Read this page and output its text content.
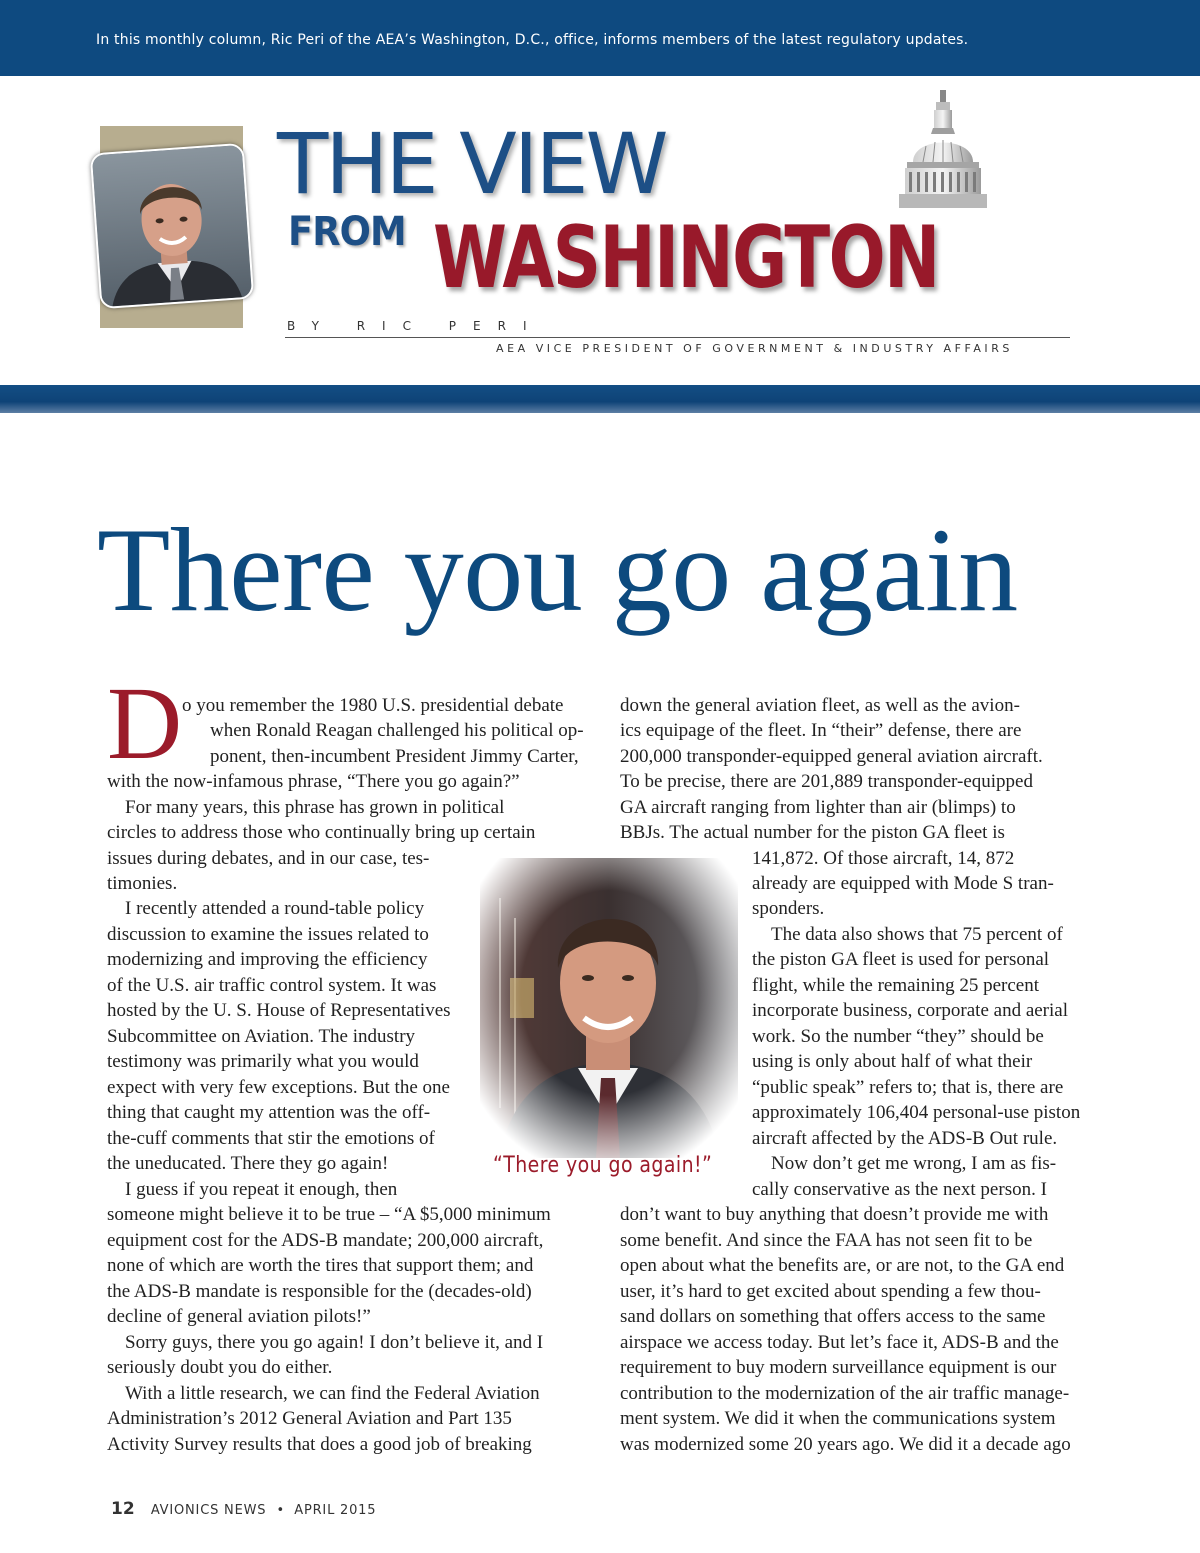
In this monthly column, Ric Peri of the AEA’s Washington, D.C., office, informs members of the latest regulatory updates.
THE VIEW
FROM WASHINGTON
BY RIC PERI
AEA VICE PRESIDENT OF GOVERNMENT & INDUSTRY AFFAIRS
There you go again
D o you remember the 1980 U.S. presidential debate
when Ronald Reagan challenged his political op-
ponent, then-incumbent President Jimmy Carter,
with the now-infamous phrase, “There you go again?”
For many years, this phrase has grown in political
circles to address those who continually bring up certain
issues during debates, and in our case, tes-
timonies.
I recently attended a round-table policy
discussion to examine the issues related to
modernizing and improving the efficiency
of the U.S. air traffic control system. It was
hosted by the U. S. House of Representatives
Subcommittee on Aviation. The industry
testimony was primarily what you would
expect with very few exceptions. But the one
thing that caught my attention was the off-
the-cuff comments that stir the emotions of
the uneducated. There they go again!
I guess if you repeat it enough, then
someone might believe it to be true – “A $5,000 minimum
equipment cost for the ADS-B mandate; 200,000 aircraft,
none of which are worth the tires that support them; and
the ADS-B mandate is responsible for the (decades-old)
decline of general aviation pilots!”
Sorry guys, there you go again! I don’t believe it, and I
seriously doubt you do either.
With a little research, we can find the Federal Aviation
Administration’s 2012 General Aviation and Part 135
Activity Survey results that does a good job of breaking
down the general aviation fleet, as well as the avion-
ics equipage of the fleet. In “their” defense, there are
200,000 transponder-equipped general aviation aircraft.
To be precise, there are 201,889 transponder-equipped
GA aircraft ranging from lighter than air (blimps) to
BBJs. The actual number for the piston GA fleet is
141,872. Of those aircraft, 14, 872
already are equipped with Mode S tran-
sponders.
The data also shows that 75 percent of
the piston GA fleet is used for personal
flight, while the remaining 25 percent
incorporate business, corporate and aerial
work. So the number “they” should be
using is only about half of what their
“public speak” refers to; that is, there are
approximately 106,404 personal-use piston
aircraft affected by the ADS-B Out rule.
Now don’t get me wrong, I am as fis-
cally conservative as the next person. I
don’t want to buy anything that doesn’t provide me with
some benefit. And since the FAA has not seen fit to be
open about what the benefits are, or are not, to the GA end
user, it’s hard to get excited about spending a few thou-
sand dollars on something that offers access to the same
airspace we access today. But let’s face it, ADS-B and the
requirement to buy modern surveillance equipment is our
contribution to the modernization of the air traffic manage-
ment system. We did it when the communications system
was modernized some 20 years ago. We did it a decade ago
“There you go again!”
12 AVIONICS NEWS • APRIL 2015
